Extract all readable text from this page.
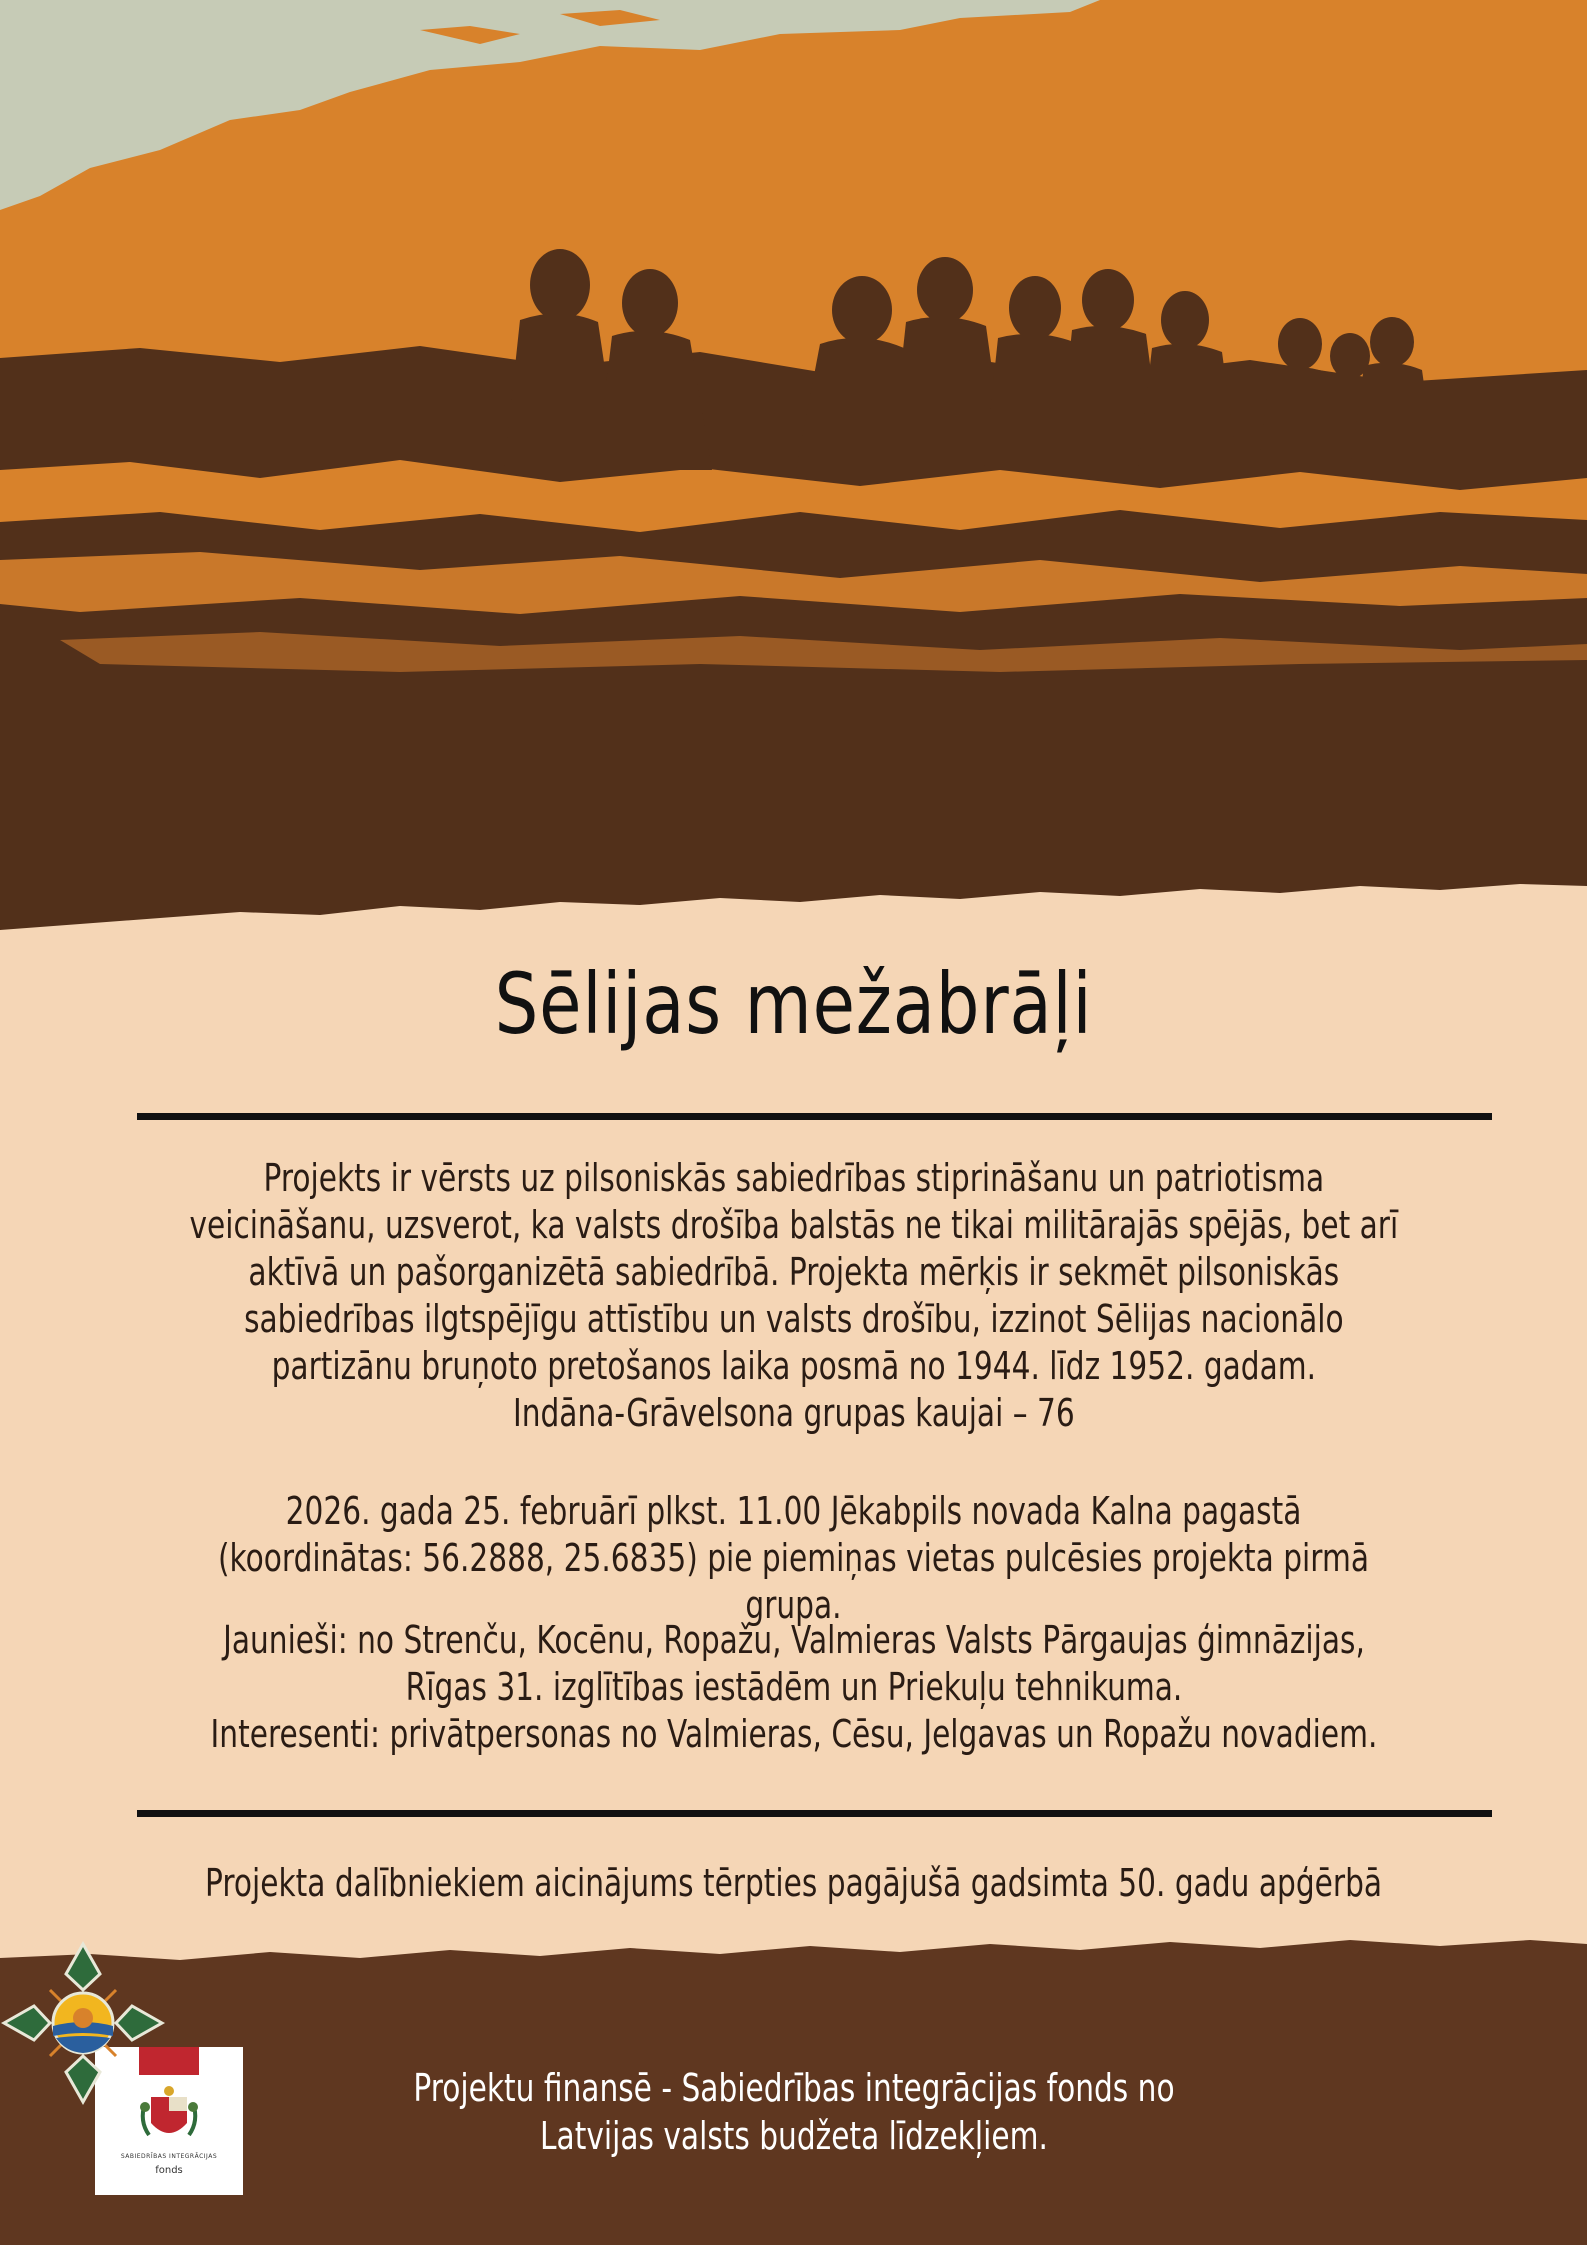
Sēlijas mežabrāļi

Projekts ir vērsts uz pilsoniskās sabiedrības stiprināšanu un patriotisma
veicināšanu, uzsverot, ka valsts drošība balstās ne tikai militārajās spējās, bet arī
aktīvā un pašorganizētā sabiedrībā. Projekta mērķis ir sekmēt pilsoniskās
sabiedrības ilgtspējīgu attīstību un valsts drošību, izzinot Sēlijas nacionālo
partizānu bruņoto pretošanos laika posmā no 1944. līdz 1952. gadam.
Indāna-Grāvelsona grupas kaujai – 76

2026. gada 25. februārī plkst. 11.00 Jēkabpils novada Kalna pagastā
(koordinātas: 56.2888, 25.6835) pie piemiņas vietas pulcēsies projekta pirmā grupa.

Jaunieši: no Strenču, Kocēnu, Ropažu, Valmieras Valsts Pārgaujas ģimnāzijas,
Rīgas 31. izglītības iestādēm un Priekuļu tehnikuma.
Interesenti: privātpersonas no Valmieras, Cēsu, Jelgavas un Ropažu novadiem.

Projekta dalībniekiem aicinājums tērpties pagājušā gadsimta 50. gadu apģērbā

SABIEDRĪBAS INTEGRĀCIJAS
fonds

Projektu finansē - Sabiedrības integrācijas fonds no
Latvijas valsts budžeta līdzekļiem.
